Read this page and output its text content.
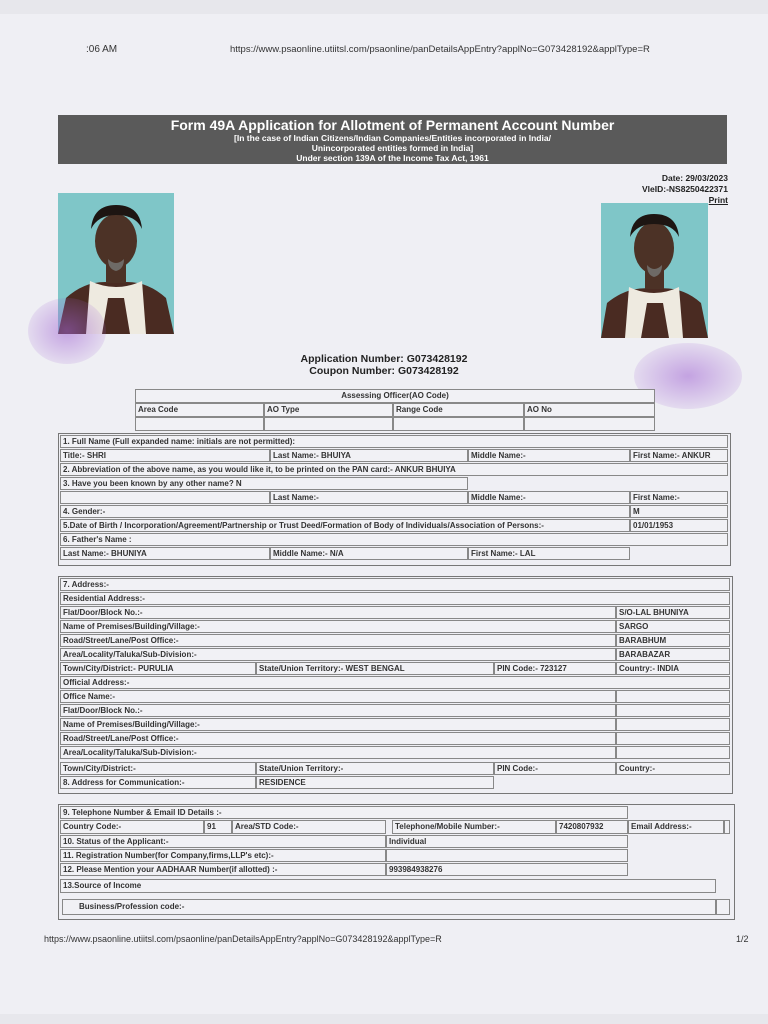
:06 AM	https://www.psaonline.utiitsl.com/psaonline/panDetailsAppEntry?applNo=G073428192&applType=R
Form 49A Application for Allotment of Permanent Account Number
[In the case of Indian Citizens/Indian Companies/Entities incorporated in India/
Unincorporated entities formed in India]
Under section 139A of the Income Tax Act, 1961
Date: 29/03/2023
VleID:-NS8250422371
Print
Application Number: G073428192
Coupon Number: G073428192
Assessing Officer(AO Code)
Area Code	AO Type	Range Code	AO No
1. Full Name (Full expanded name: initials are not permitted):
Title:- SHRI	Last Name:- BHUIYA	Middle Name:-	First Name:- ANKUR
2. Abbreviation of the above name, as you would like it, to be printed on the PAN card:- ANKUR BHUIYA
3. Have you been known by any other name? N
Last Name:-	Middle Name:-	First Name:-
4. Gender:-	M
5.Date of Birth / Incorporation/Agreement/Partnership or Trust Deed/Formation of Body of Individuals/Association of Persons:-	01/01/1953
6. Father's Name :
Last Name:- BHUNIYA	Middle Name:- N/A	First Name:- LAL
7. Address:-
Residential Address:-
Flat/Door/Block No.:-	S/O-LAL BHUNIYA
Name of Premises/Building/Village:-	SARGO
Road/Street/Lane/Post Office:-	BARABHUM
Area/Locality/Taluka/Sub-Division:-	BARABAZAR
Town/City/District:- PURULIA	State/Union Territory:- WEST BENGAL	PIN Code:- 723127	Country:- INDIA
Official Address:-
Office Name:-
Flat/Door/Block No.:-
Name of Premises/Building/Village:-
Road/Street/Lane/Post Office:-
Area/Locality/Taluka/Sub-Division:-
Town/City/District:-	State/Union Territory:-	PIN Code:-	Country:-
8. Address for Communication:-	RESIDENCE
9. Telephone Number & Email ID Details :-
Country Code:-	91	Area/STD Code:-	Telephone/Mobile Number:-	7420807932	Email Address:-
10. Status of the Applicant:-	Individual
11. Registration Number(for Company,firms,LLP's etc):-
12. Please Mention your AADHAAR Number(if allotted) :-	993984938276
13.Source of Income
Business/Profession code:-
https://www.psaonline.utiitsl.com/psaonline/panDetailsAppEntry?applNo=G073428192&applType=R	1/2
